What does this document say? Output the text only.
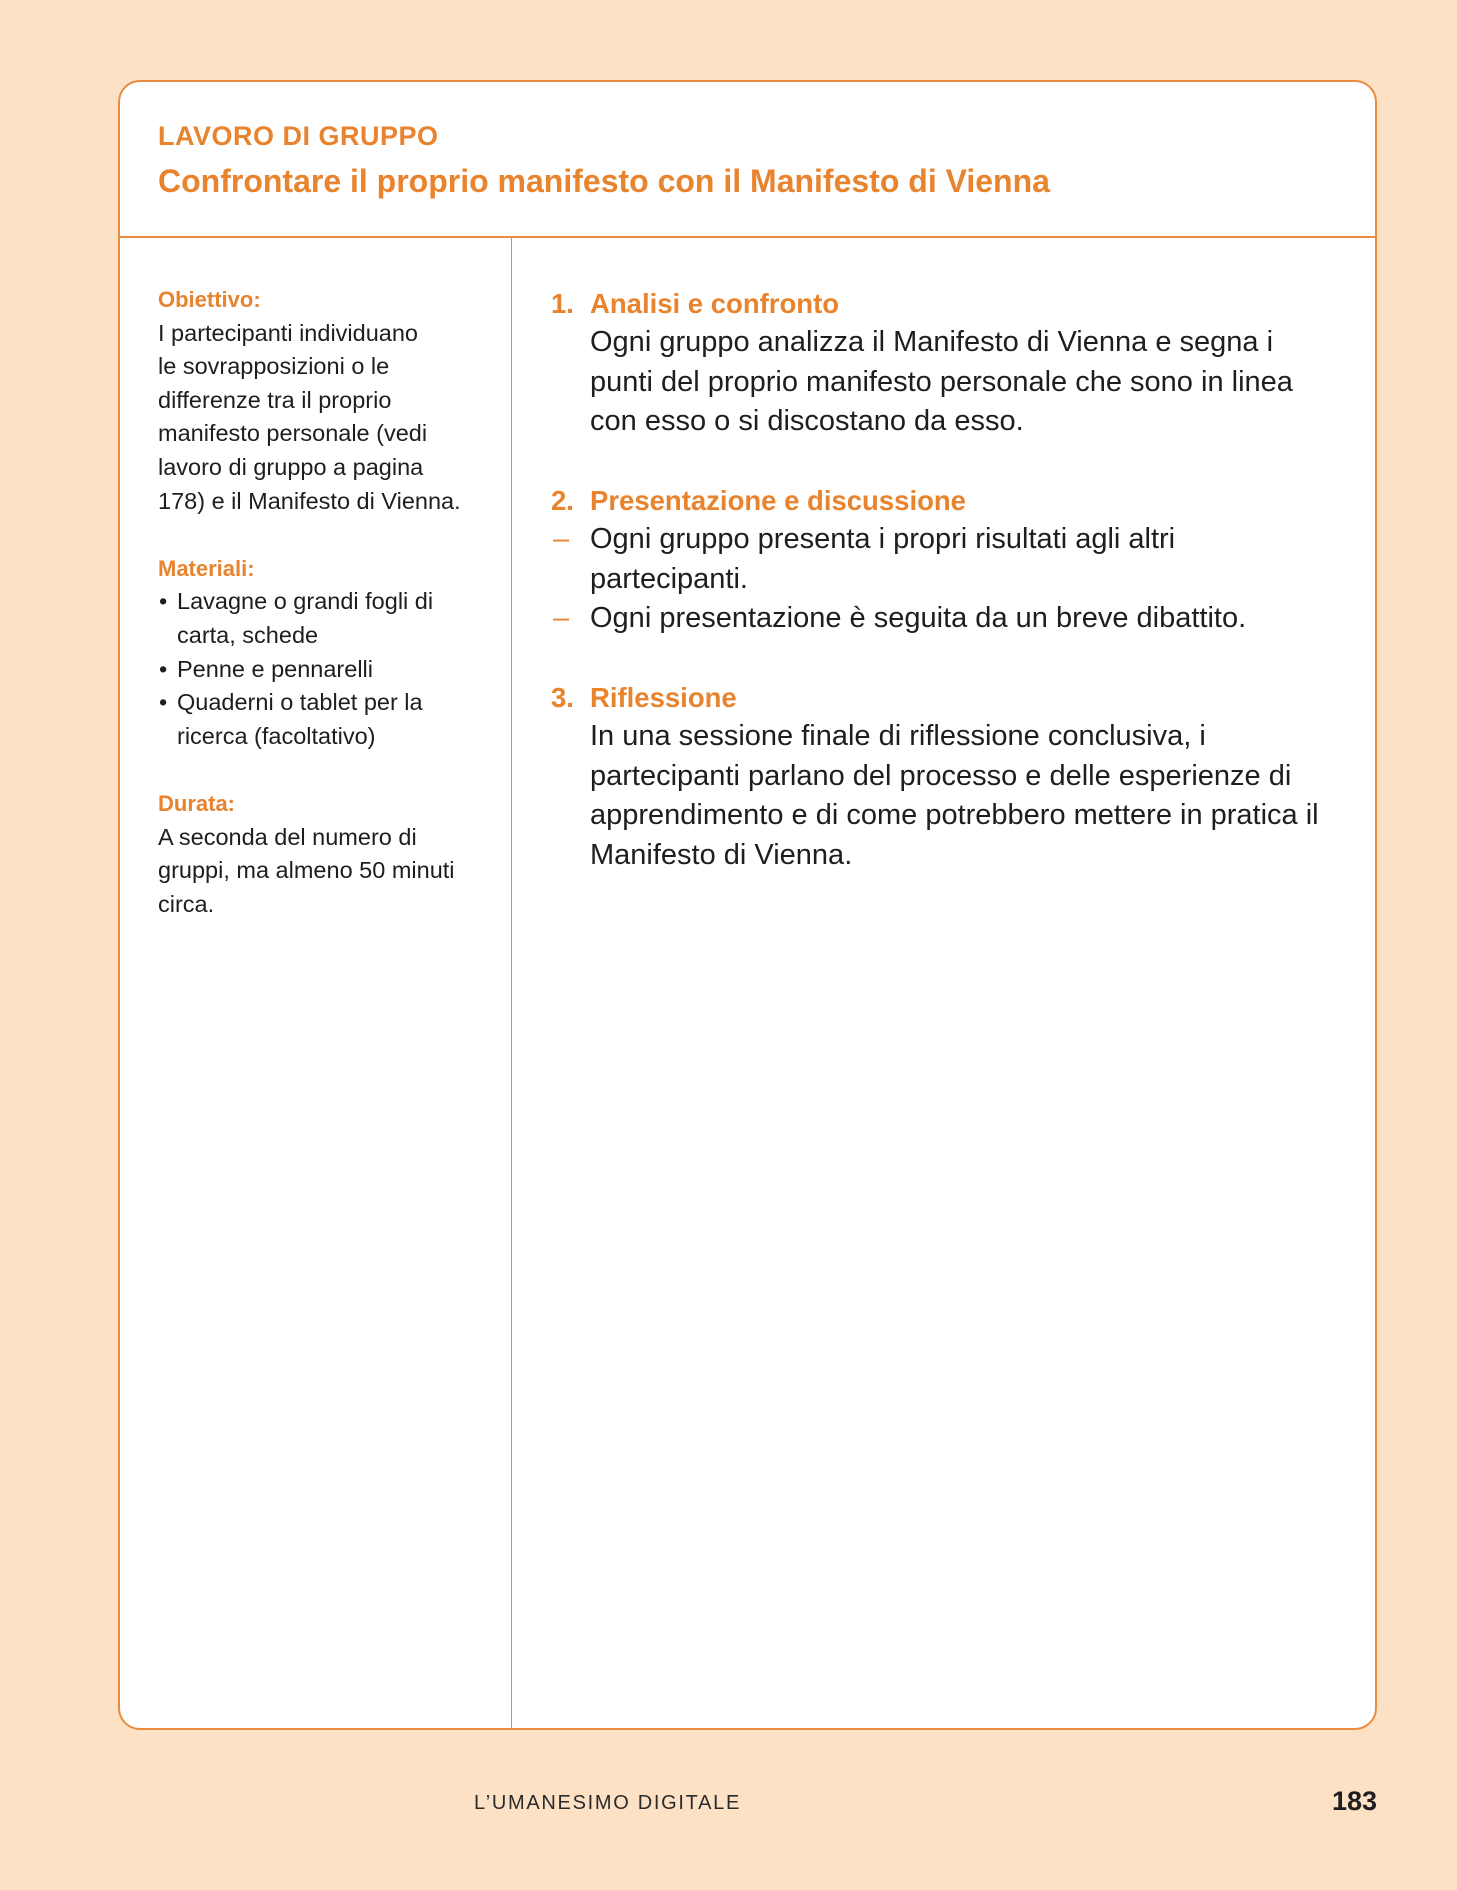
LAVORO DI GRUPPO
Confrontare il proprio manifesto con il Manifesto di Vienna
Obiettivo:
I partecipanti individuano
le sovrapposizioni o le
differenze tra il proprio
manifesto personale (vedi
lavoro di gruppo a pagina
178) e il Manifesto di Vienna.
Materiali:
• Lavagne o grandi fogli di
carta, schede
• Penne e pennarelli
• Quaderni o tablet per la
ricerca (facoltativo)
Durata:
A seconda del numero di
gruppi, ma almeno 50 minuti
circa.
1. Analisi e confronto
Ogni gruppo analizza il Manifesto di Vienna e segna i
punti del proprio manifesto personale che sono in linea
con esso o si discostano da esso.
2. Presentazione e discussione
– Ogni gruppo presenta i propri risultati agli altri
partecipanti.
– Ogni presentazione è seguita da un breve dibattito.
3. Riflessione
In una sessione finale di riflessione conclusiva, i
partecipanti parlano del processo e delle esperienze di
apprendimento e di come potrebbero mettere in pratica il
Manifesto di Vienna.
L’UMANESIMO DIGITALE	183
